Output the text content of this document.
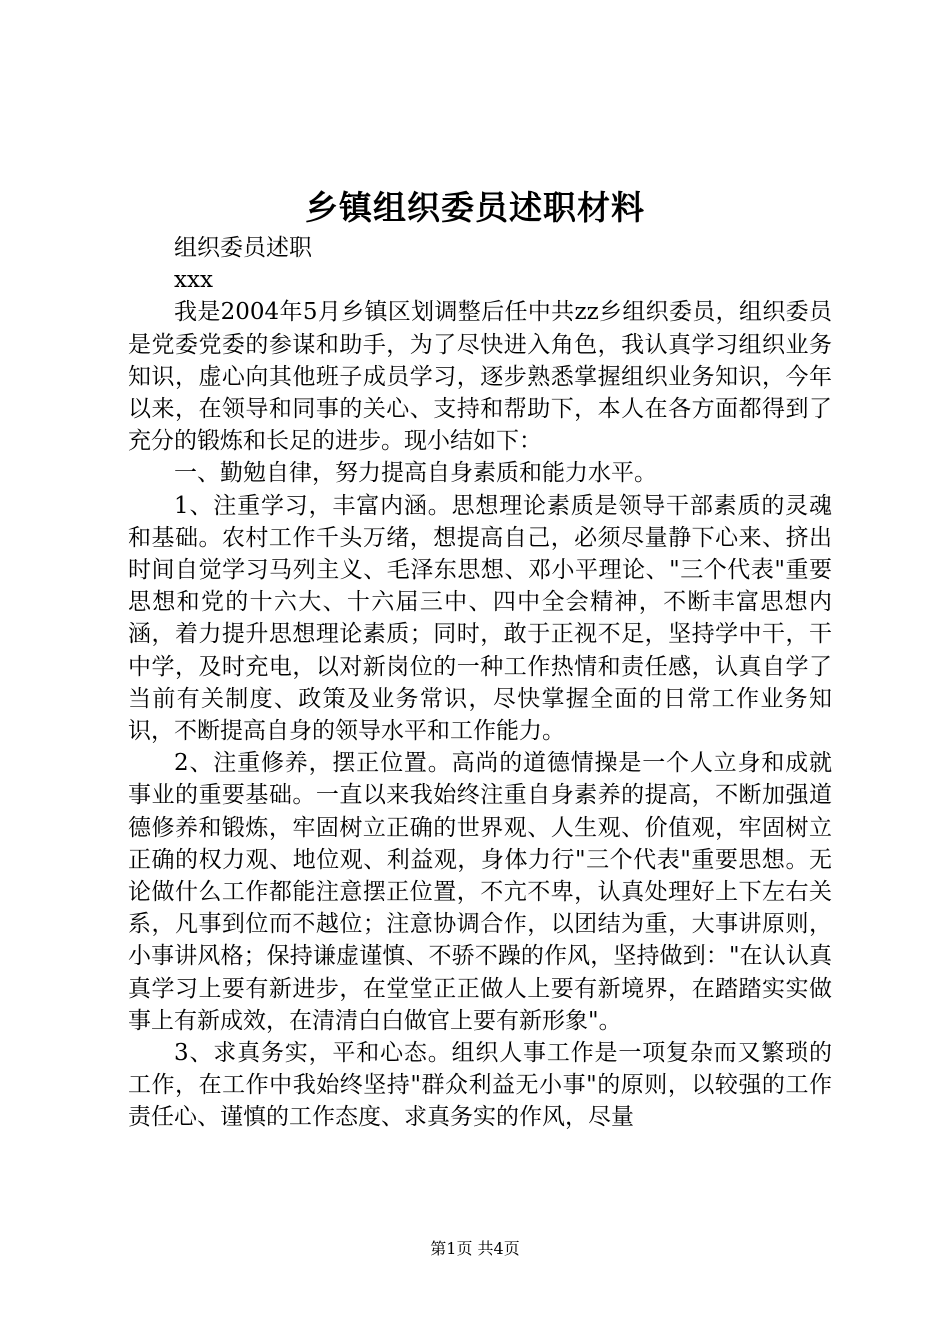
乡镇组织委员述职材料

组织委员述职

xxx

我是2004年5月乡镇区划调整后任中共zz乡组织委员，组织委员是党委党委的参谋和助手，为了尽快进入角色，我认真学习组织业务知识，虚心向其他班子成员学习，逐步熟悉掌握组织业务知识，今年以来，在领导和同事的关心、支持和帮助下，本人在各方面都得到了充分的锻炼和长足的进步。现小结如下：

一、勤勉自律，努力提高自身素质和能力水平。

1、注重学习，丰富内涵。思想理论素质是领导干部素质的灵魂和基础。农村工作千头万绪，想提高自己，必须尽量静下心来、挤出时间自觉学习马列主义、毛泽东思想、邓小平理论、"三个代表"重要思想和党的十六大、十六届三中、四中全会精神，不断丰富思想内涵，着力提升思想理论素质；同时，敢于正视不足，坚持学中干，干中学，及时充电，以对新岗位的一种工作热情和责任感，认真自学了当前有关制度、政策及业务常识，尽快掌握全面的日常工作业务知识，不断提高自身的领导水平和工作能力。

2、注重修养，摆正位置。高尚的道德情操是一个人立身和成就事业的重要基础。一直以来我始终注重自身素养的提高，不断加强道德修养和锻炼，牢固树立正确的世界观、人生观、价值观，牢固树立正确的权力观、地位观、利益观，身体力行"三个代表"重要思想。无论做什么工作都能注意摆正位置，不亢不卑，认真处理好上下左右关系，凡事到位而不越位；注意协调合作，以团结为重，大事讲原则，小事讲风格；保持谦虚谨慎、不骄不躁的作风，坚持做到："在认认真真学习上要有新进步，在堂堂正正做人上要有新境界，在踏踏实实做事上有新成效，在清清白白做官上要有新形象"。

3、求真务实，平和心态。组织人事工作是一项复杂而又繁琐的工作，在工作中我始终坚持"群众利益无小事"的原则，以较强的工作责任心、谨慎的工作态度、求真务实的作风，尽量

第1页 共4页
